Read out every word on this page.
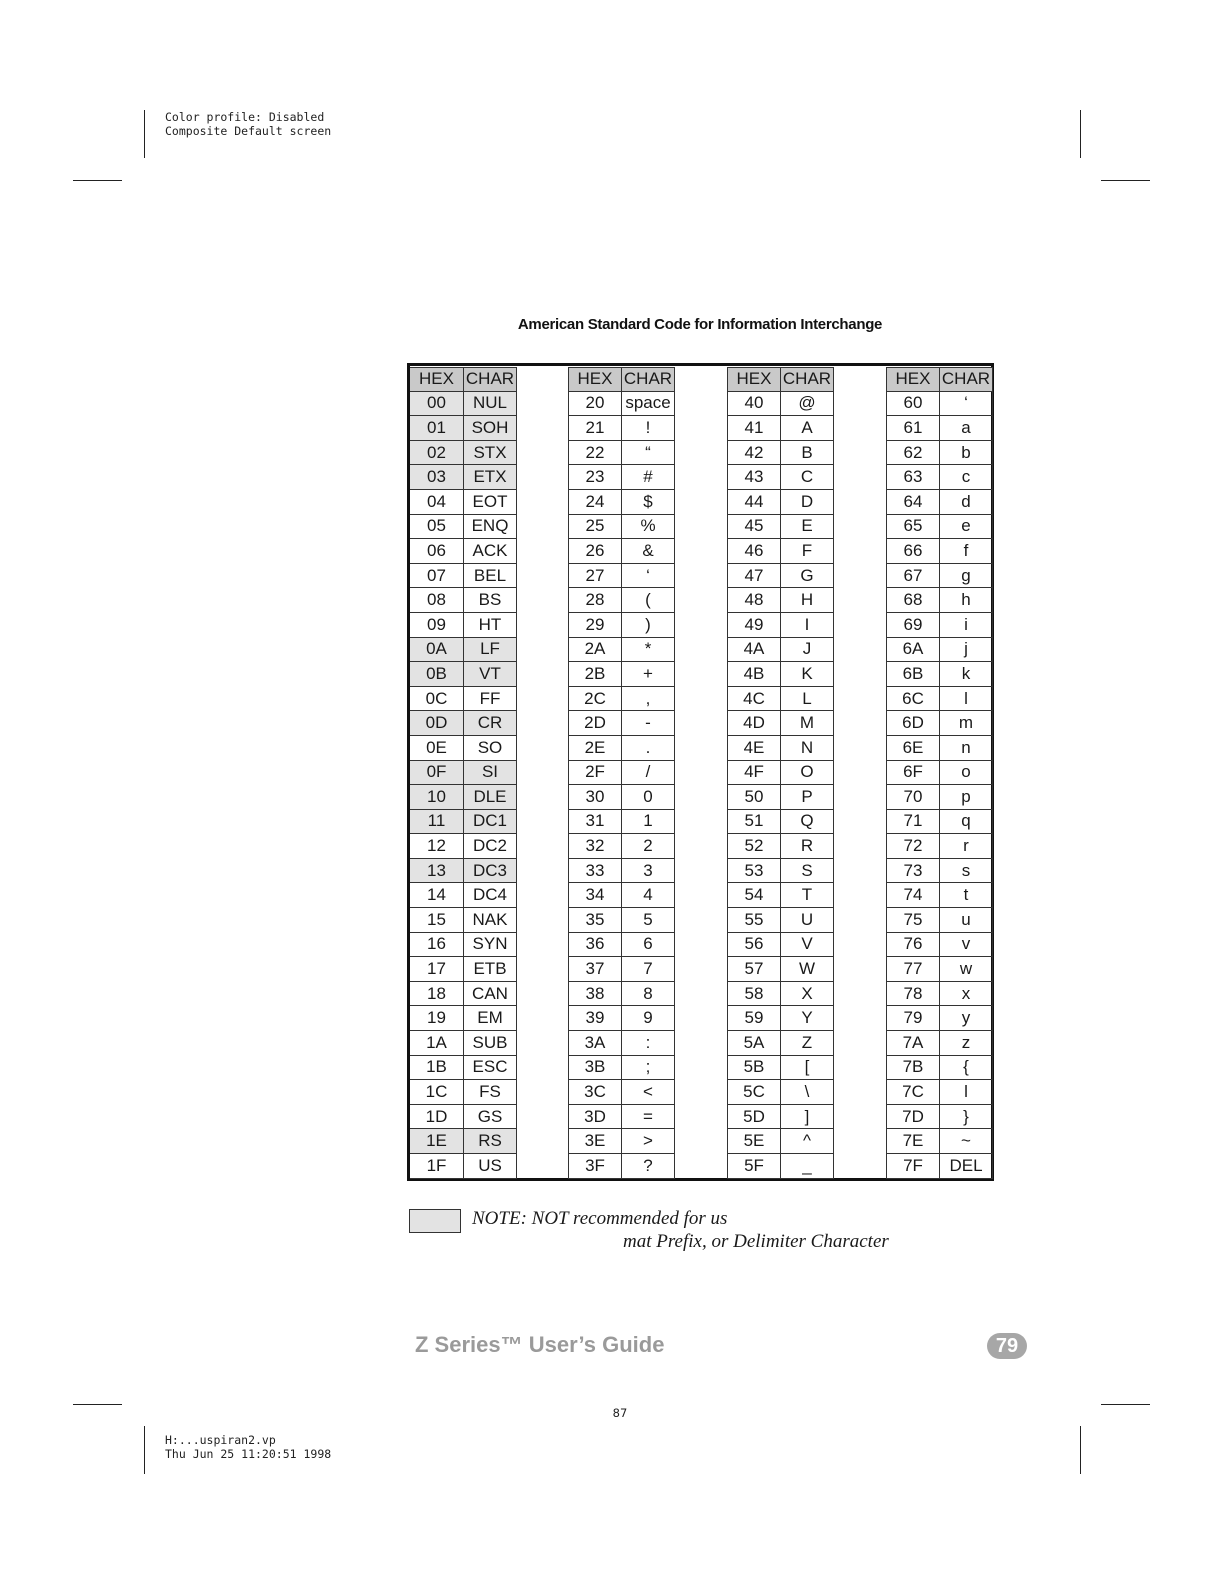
Color profile: Disabled
Composite Default screen
H:...uspiran2.vp
Thu Jun 25 11:20:51 1998
American Standard Code for Information Interchange
HEX CHAR
00	NUL
01	SOH
02	STX
03	ETX
04	EOT
05	ENQ
06	ACK
07	BEL
08	BS
09	HT
0A	LF
0B	VT
0C	FF
0D	CR
0E	SO
0F	SI
10	DLE
11	DC1
12	DC2
13	DC3
14	DC4
15	NAK
16	SYN
17	ETB
18	CAN
19	EM
1A	SUB
1B	ESC
1C	FS
1D	GS
1E	RS
1F	US
HEX CHAR
20	space
21	!
22	“
23	#
24	$
25	%
26	&
27	‘
28	(
29	)
2A	*
2B	+
2C	,
2D	-
2E	.
2F	/
30	0
31	1
32	2
33	3
34	4
35	5
36	6
37	7
38	8
39	9
3A	:
3B	;
3C	<
3D	=
3E	>
3F	?
HEX CHAR
40	@
41	A
42	B
43	C
44	D
45	E
46	F
47	G
48	H
49	I
4A	J
4B	K
4C	L
4D	M
4E	N
4F	O
50	P
51	Q
52	R
53	S
54	T
55	U
56	V
57	W
58	X
59	Y
5A	Z
5B	[
5C	\
5D	]
5E	^
5F	_
HEX CHAR
60	‘
61	a
62	b
63	c
64	d
65	e
66	f
67	g
68	h
69	i
6A	j
6B	k
6C	l
6D	m
6E	n
6F	o
70	p
71	q
72	r
73	s
74	t
75	u
76	v
77	w
78	x
79	y
7A	z
7B	{
7C	l
7D	}
7E	~
7F	DEL
NOTE: NOT recommended for us
mat Prefix, or Delimiter Character
Z Series™ User’s Guide	79
87
